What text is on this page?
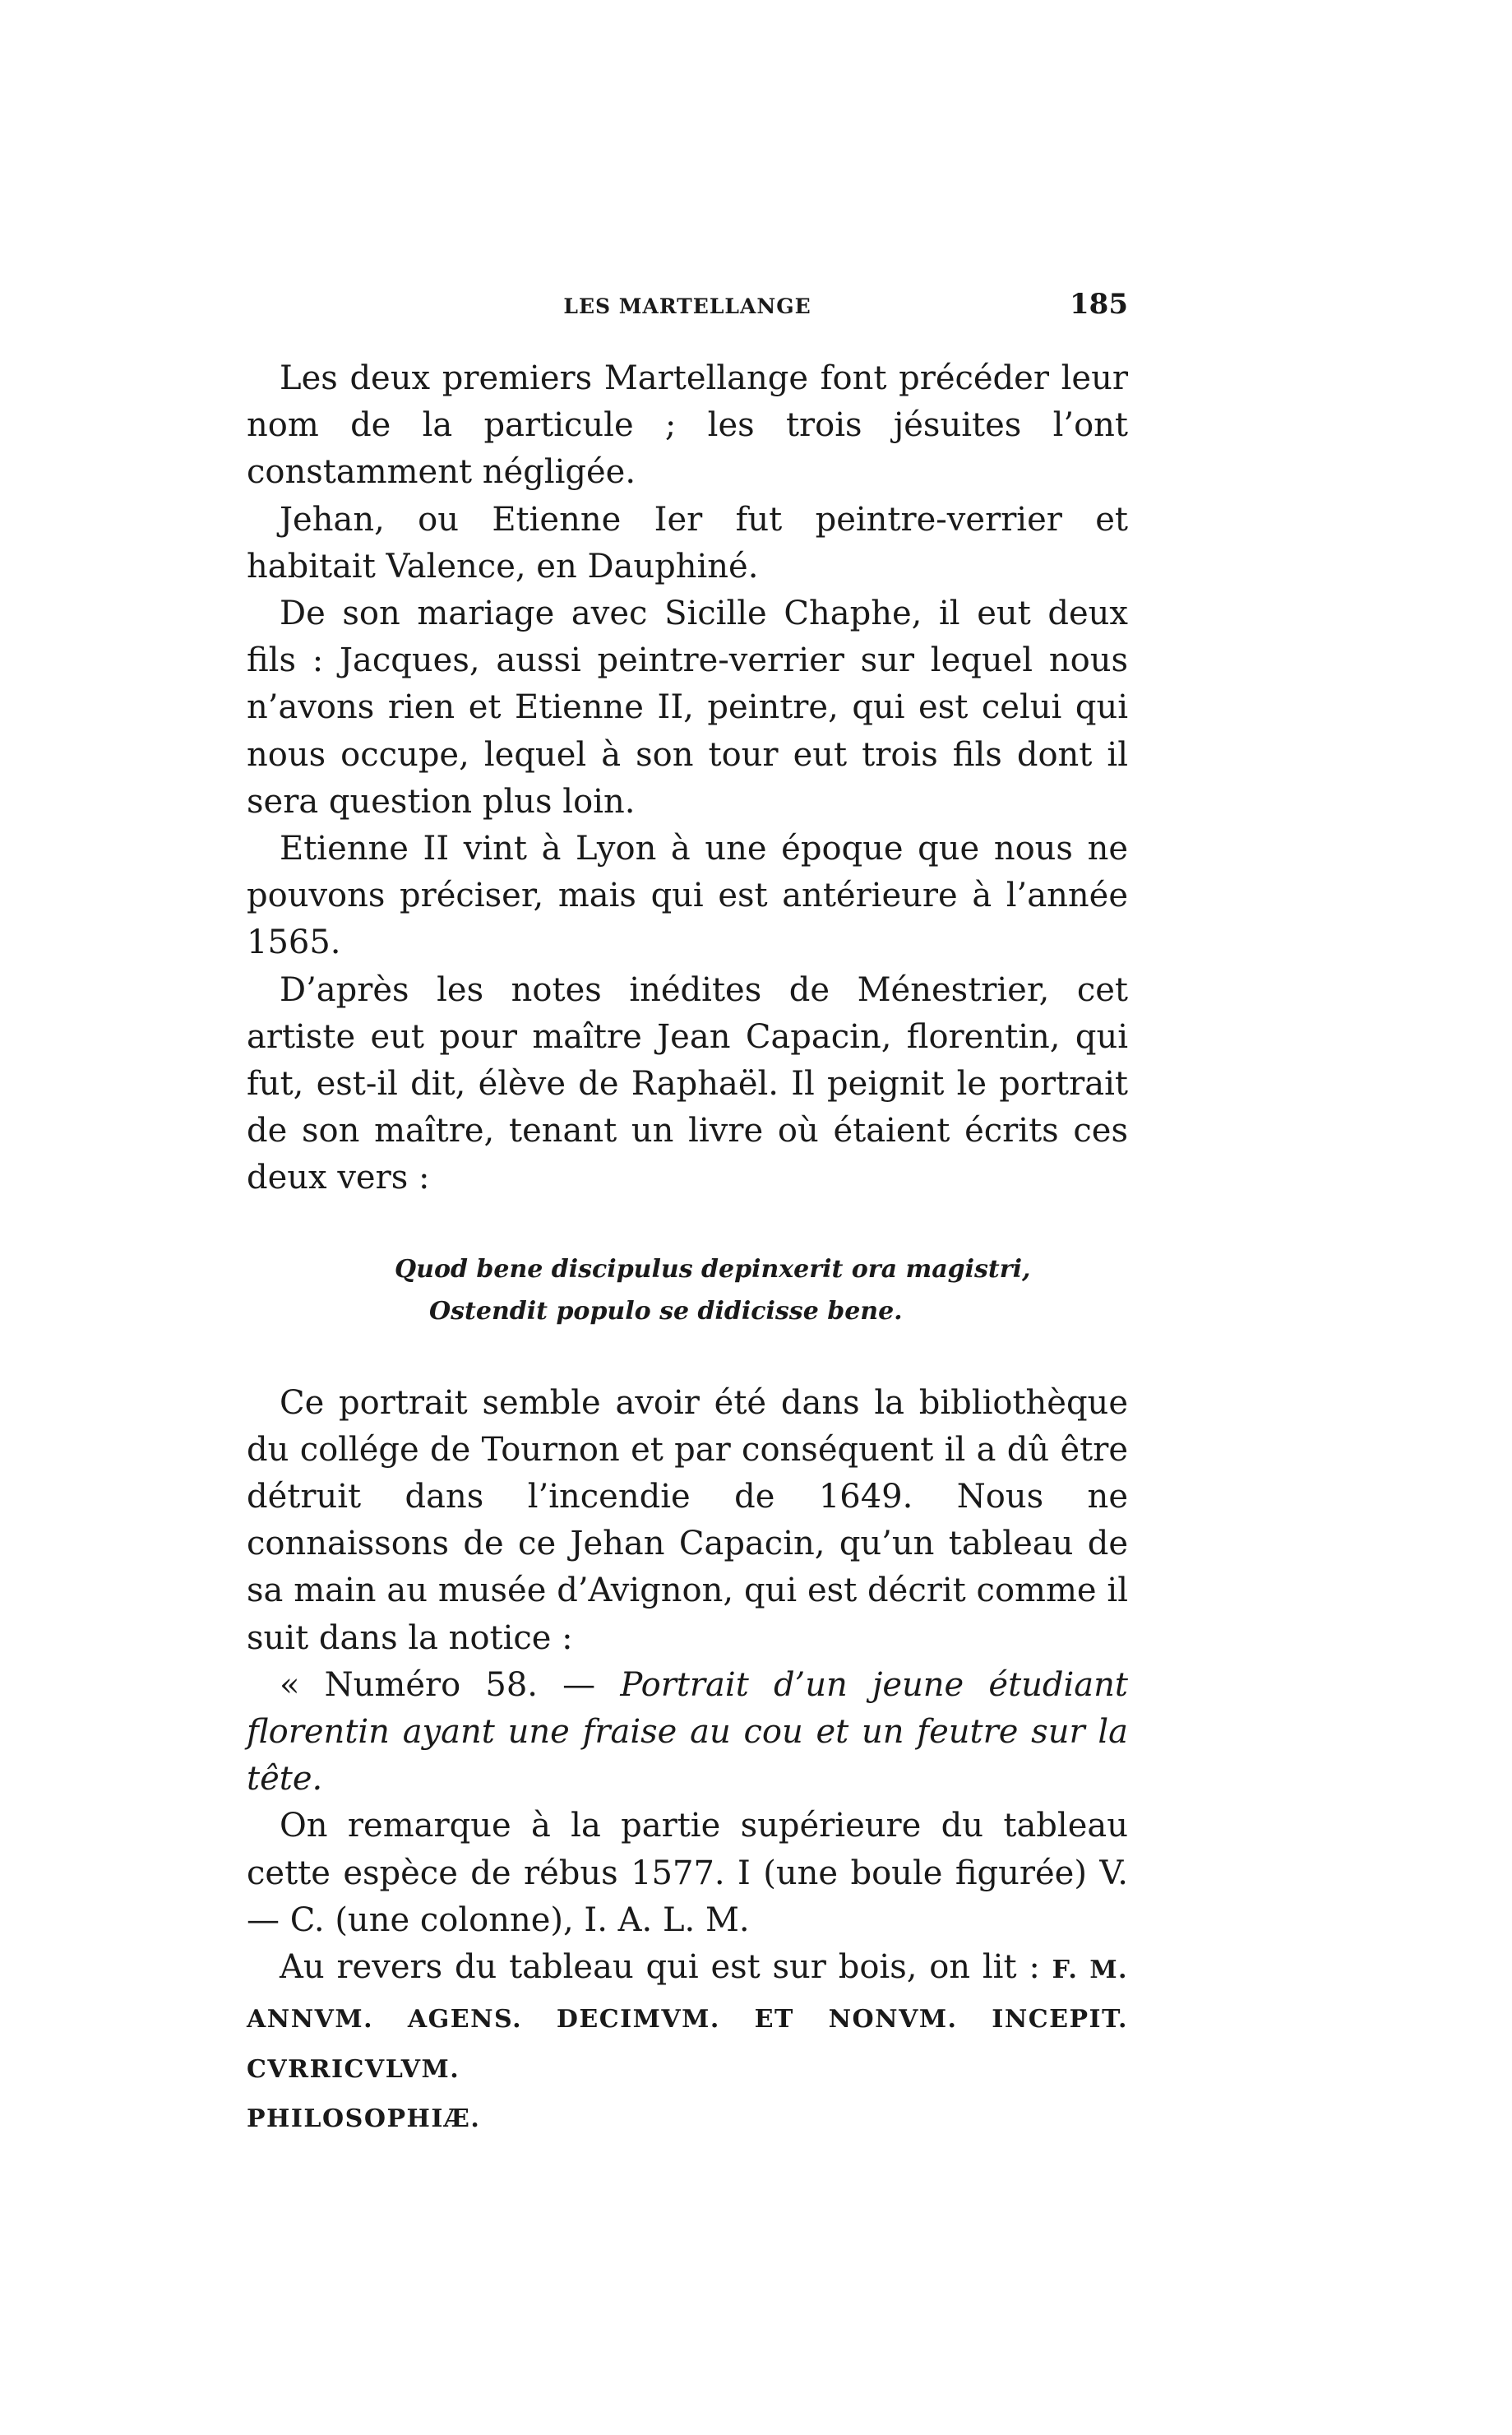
LES MARTELLANGE	185

Les deux premiers Martellange font précéder leur nom de la particule ; les trois jésuites l’ont constamment négligée.

Jehan, ou Etienne Ier fut peintre-verrier et habitait Valence, en Dauphiné.

De son mariage avec Sicille Chaphe, il eut deux fils : Jacques, aussi peintre-verrier sur lequel nous n’avons rien et Etienne II, peintre, qui est celui qui nous occupe, lequel à son tour eut trois fils dont il sera question plus loin.

Etienne II vint à Lyon à une époque que nous ne pouvons préciser, mais qui est antérieure à l’année 1565.

D’après les notes inédites de Ménestrier, cet artiste eut pour maître Jean Capacin, florentin, qui fut, est-il dit, élève de Raphaël. Il peignit le portrait de son maître, tenant un livre où étaient écrits ces deux vers :

Quod bene discipulus depinxerit ora magistri,
Ostendit populo se didicisse bene.

Ce portrait semble avoir été dans la bibliothèque du collége de Tournon et par conséquent il a dû être détruit dans l’incendie de 1649. Nous ne connaissons de ce Jehan Capacin, qu’un tableau de sa main au musée d’Avignon, qui est décrit comme il suit dans la notice :

« Numéro 58. — Portrait d’un jeune étudiant florentin ayant une fraise au cou et un feutre sur la tête.

On remarque à la partie supérieure du tableau cette espèce de rébus 1577. I (une boule figurée) V. — C. (une colonne), I. A. L. M.

Au revers du tableau qui est sur bois, on lit : F. M. ANNVM. AGENS. DECIMVM. ET NONVM. INCEPIT. CVRRICVLVM.

PHILOSOPHIÆ.
